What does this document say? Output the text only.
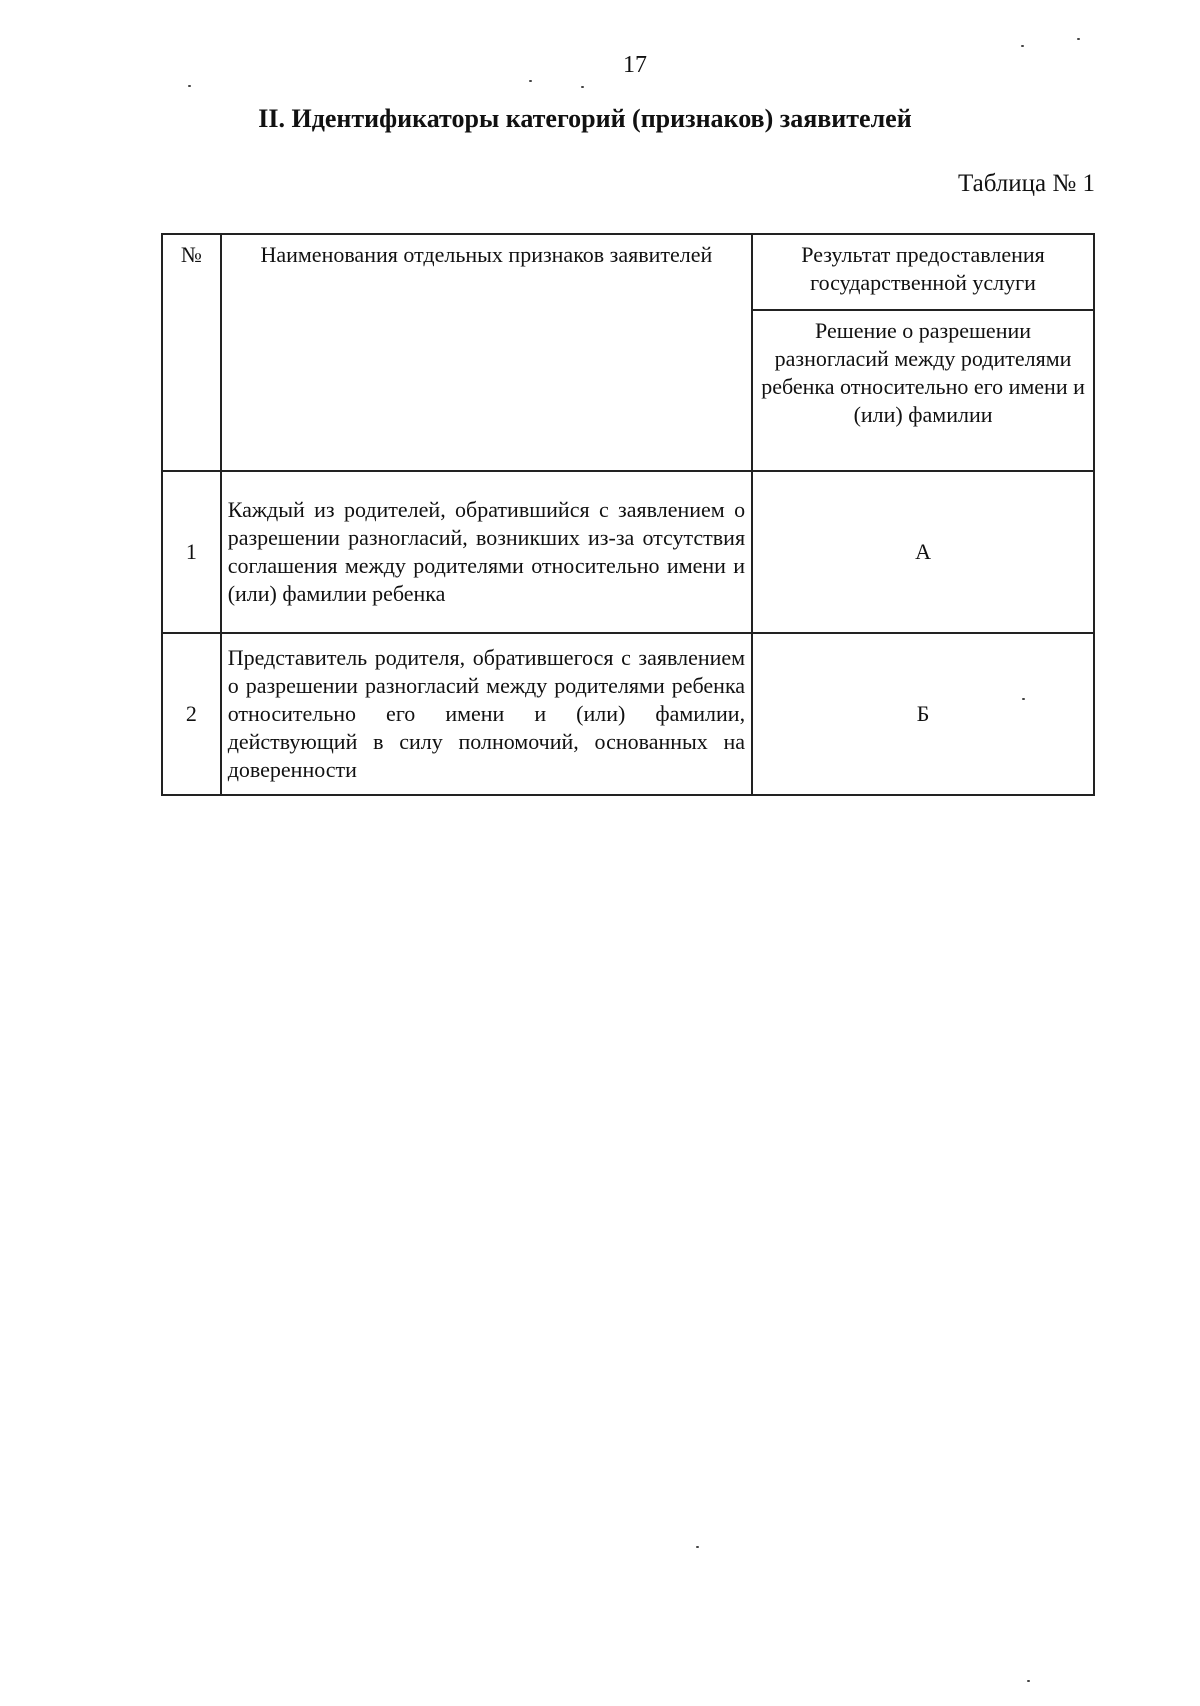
17
II. Идентификаторы категорий (признаков) заявителей
Таблица № 1
№	Наименования отдельных признаков заявителей	Результат предоставления государственной услуги
		Решение о разрешении разногласий между родителями ребенка относительно его имени и (или) фамилии
1	Каждый из родителей, обратившийся с заявлением о разрешении разногласий, возникших из-за отсутствия соглашения между родителями относительно имени и (или) фамилии ребенка	А
2	Представитель родителя, обратившегося с заявлением о разрешении разногласий между родителями ребенка относительно его имени и (или) фамилии, действующий в силу полномочий, основанных на доверенности	Б
